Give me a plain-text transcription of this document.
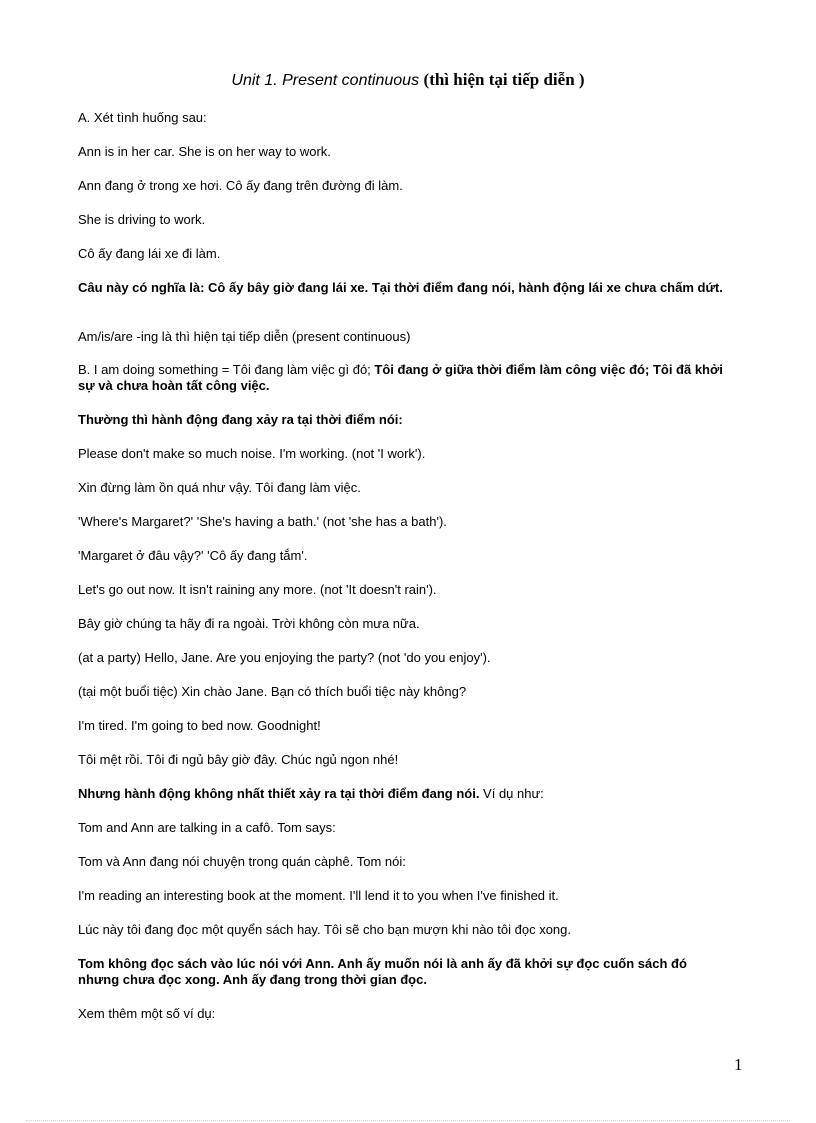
Unit 1. Present continuous (thì hiện tại tiếp diễn )

A. Xét tình huống sau:

Ann is in her car. She is on her way to work.

Ann đang ở trong xe hơi. Cô ấy đang trên đường đi làm.

She is driving to work.

Cô ấy đang lái xe đi làm.

Câu này có nghĩa là: Cô ấy bây giờ đang lái xe. Tại thời điểm đang nói, hành động lái xe chưa chấm dứt.

Am/is/are -ing là thì hiện tại tiếp diễn (present continuous)

B. I am doing something = Tôi đang làm việc gì đó; Tôi đang ở giữa thời điểm làm công việc đó; Tôi đã khởi sự và chưa hoàn tất công việc.

Thường thì hành động đang xảy ra tại thời điểm nói:

Please don't make so much noise. I'm working. (not 'I work').

Xin đừng làm ồn quá như vậy. Tôi đang làm việc.

'Where's Margaret?' 'She's having a bath.' (not 'she has a bath').

'Margaret ở đâu vậy?' 'Cô ấy đang tắm'.

Let's go out now. It isn't raining any more. (not 'It doesn't rain').

Bây giờ chúng ta hãy đi ra ngoài. Trời không còn mưa nữa.

(at a party) Hello, Jane. Are you enjoying the party? (not 'do you enjoy').

(tại một buổi tiệc) Xin chào Jane. Bạn có thích buổi tiệc này không?

I'm tired. I'm going to bed now. Goodnight!

Tôi mệt rồi. Tôi đi ngủ bây giờ đây. Chúc ngủ ngon nhé!

Nhưng hành động không nhất thiết xảy ra tại thời điểm đang nói. Ví dụ như:

Tom and Ann are talking in a cafô. Tom says:

Tom và Ann đang nói chuyện trong quán càphê. Tom nói:

I'm reading an interesting book at the moment. I'll lend it to you when I've finished it.

Lúc này tôi đang đọc một quyển sách hay. Tôi sẽ cho bạn mượn khi nào tôi đọc xong.

Tom không đọc sách vào lúc nói với Ann. Anh ấy muốn nói là anh ấy đã khởi sự đọc cuốn sách đó nhưng chưa đọc xong. Anh ấy đang trong thời gian đọc.

Xem thêm một số ví dụ:

1
